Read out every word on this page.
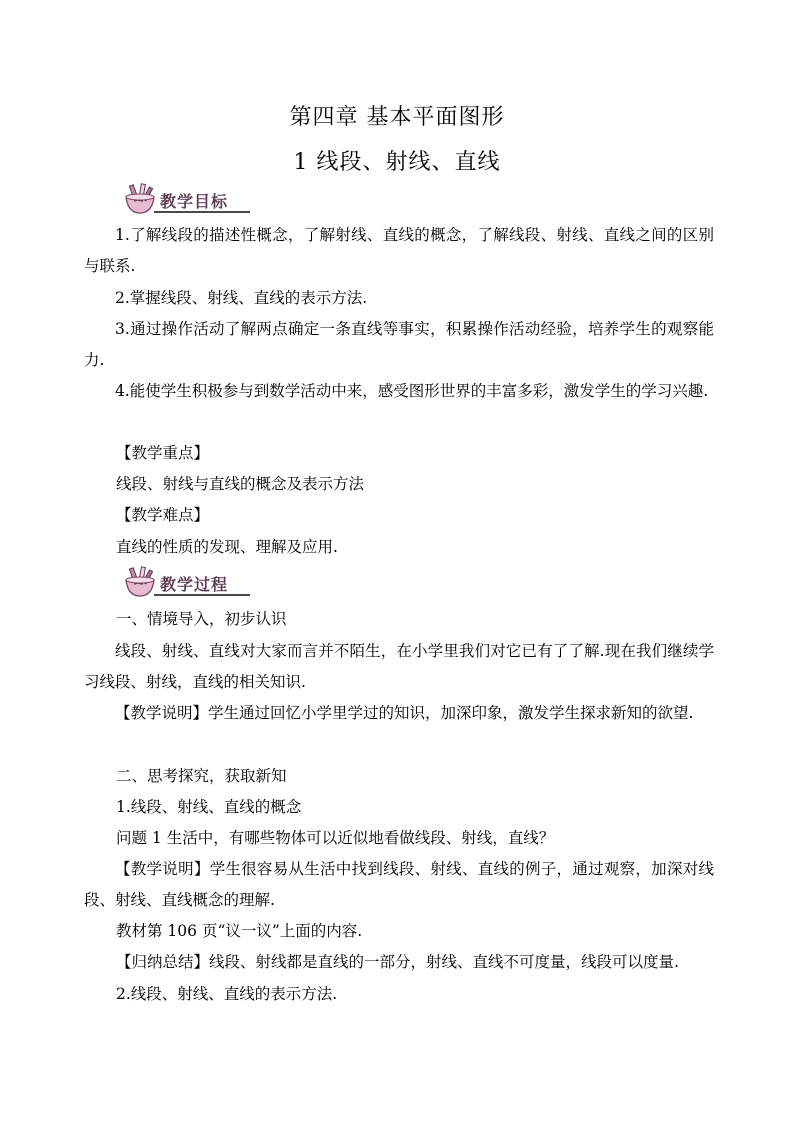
第四章 基本平面图形
1 线段、射线、直线
教学目标

1.了解线段的描述性概念，了解射线、直线的概念，了解线段、射线、直线之间的区别与联系.

2.掌握线段、射线、直线的表示方法.

3.通过操作活动了解两点确定一条直线等事实，积累操作活动经验，培养学生的观察能力.

4.能使学生积极参与到数学活动中来，感受图形世界的丰富多彩，激发学生的学习兴趣.

【教学重点】
线段、射线与直线的概念及表示方法
【教学难点】
直线的性质的发现、理解及应用.
教学过程
一、情境导入，初步认识

线段、射线、直线对大家而言并不陌生，在小学里我们对它已有了了解.现在我们继续学习线段、射线，直线的相关知识.

【教学说明】学生通过回忆小学里学过的知识，加深印象，激发学生探求新知的欲望.

二、思考探究，获取新知
1.线段、射线、直线的概念
问题 1 生活中，有哪些物体可以近似地看做线段、射线，直线？

【教学说明】学生很容易从生活中找到线段、射线、直线的例子，通过观察，加深对线段、射线、直线概念的理解.

教材第 106 页“议一议”上面的内容.
【归纳总结】线段、射线都是直线的一部分，射线、直线不可度量，线段可以度量.
2.线段、射线、直线的表示方法.
